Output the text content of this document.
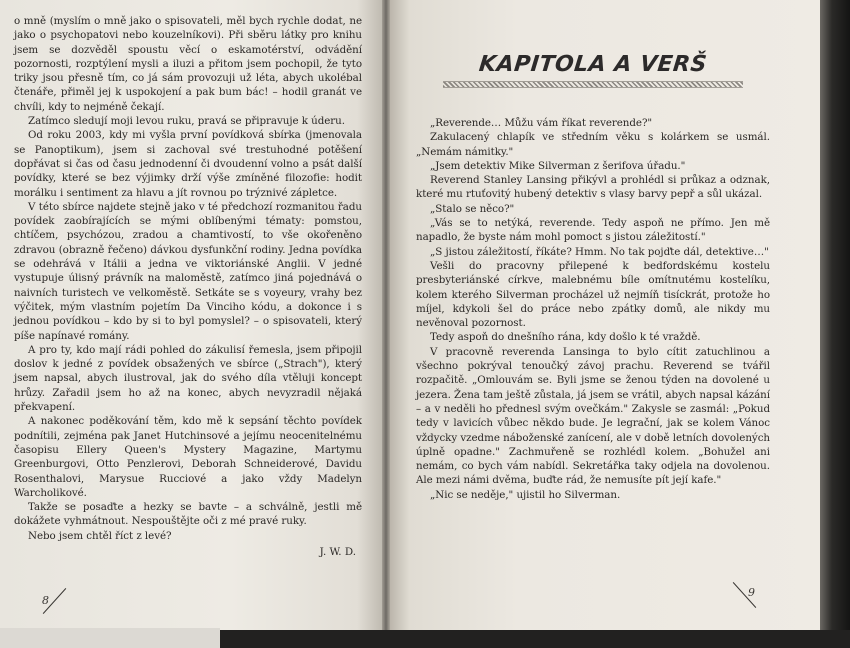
o mně (myslím o mně jako o spisovateli, měl bych rychle dodat, ne jako o psychopatovi nebo kouzelníkovi). Při sběru látky pro knihu jsem se dozvěděl spoustu věcí o eskamotérství, odvádění pozornosti, rozptýlení mysli a iluzi a přitom jsem pochopil, že tyto triky jsou přesně tím, co já sám provozuji už léta, abych ukolébal čtenáře, přiměl jej k uspokojení a pak bum bác! – hodil granát ve chvíli, kdy to nejméně čekají.

Zatímco sledují moji levou ruku, pravá se připravuje k úderu.

Od roku 2003, kdy mi vyšla první povídková sbírka (jmenovala se Panoptikum), jsem si zachoval své trestuhodné potěšení dopřávat si čas od času jednodenní či dvoudenní volno a psát další povídky, které se bez výjimky drží výše zmíněné filozofie: hodit morálku i sentiment za hlavu a jít rovnou po trýznivé zápletce.

V této sbírce najdete stejně jako v té předchozí rozmanitou řadu povídek zaobírajících se mými oblíbenými tématy: pomstou, chtíčem, psychózou, zradou a chamtivostí, to vše okořeněno zdravou (obrazně řečeno) dávkou dysfunkční rodiny. Jedna povídka se odehrává v Itálii a jedna ve viktoriánské Anglii. V jedné vystupuje úlisný právník na maloměstě, zatímco jiná pojednává o naivních turistech ve velkoměstě. Setkáte se s voyeury, vrahy bez výčitek, mým vlastním pojetím Da Vinciho kódu, a dokonce i s jednou povídkou – kdo by si to byl pomyslel? – o spisovateli, který píše napínavé romány.

A pro ty, kdo mají rádi pohled do zákulisí řemesla, jsem připojil doslov k jedné z povídek obsažených ve sbírce („Strach"), který jsem napsal, abych ilustroval, jak do svého díla vtěluji koncept hrůzy. Zařadil jsem ho až na konec, abych nevyzradil nějaká překvapení.

A nakonec poděkování těm, kdo mě k sepsání těchto povídek podnítili, zejména pak Janet Hutchinsové a jejímu neocenitelnému časopisu Ellery Queen's Mystery Magazine, Martymu Greenburgovi, Otto Penzlerovi, Deborah Schneiderové, Davidu Rosenthalovi, Marysue Rucciové a jako vždy Madelyn Warcholikové.

Takže se posaďte a hezky se bavte – a schválně, jestli mě dokážete vyhmátnout. Nespouštějte oči z mé pravé ruky.

Nebo jsem chtěl říct z levé?

J. W. D.
KAPITOLA A VERŠ

„Reverende… Můžu vám říkat reverende?"

Zakulacený chlapík ve středním věku s kolárkem se usmál. „Nemám námitky."

„Jsem detektiv Mike Silverman z šerifova úřadu."

Reverend Stanley Lansing přikývl a prohlédl si průkaz a odznak, které mu rtuťovitý hubený detektiv s vlasy barvy pepř a sůl ukázal.

„Stalo se něco?"

„Vás se to netýká, reverende. Tedy aspoň ne přímo. Jen mě napadlo, že byste nám mohl pomoct s jistou záležitostí."

„S jistou záležitostí, říkáte? Hmm. No tak pojďte dál, detektive…"

Vešli do pracovny přilepené k bedfordskému kostelu presbyteriánské církve, malebnému bíle omítnutému kostelíku, kolem kterého Silverman procházel už nejmíň tisíckrát, protože ho míjel, kdykoli šel do práce nebo zpátky domů, ale nikdy mu nevěnoval pozornost.

Tedy aspoň do dnešního rána, kdy došlo k té vraždě.

V pracovně reverenda Lansinga to bylo cítit zatuchlinou a všechno pokrýval tenoučký závoj prachu. Reverend se tvářil rozpačitě. „Omlouvám se. Byli jsme se ženou týden na dovolené u jezera. Žena tam ještě zůstala, já jsem se vrátil, abych napsal kázání – a v neděli ho přednesl svým ovečkám." Zakysle se zasmál: „Pokud tedy v lavicích vůbec někdo bude. Je legrační, jak se kolem Vánoc vždycky vzedme náboženské zanícení, ale v době letních dovolených úplně opadne." Zachmuřeně se rozhlédl kolem. „Bohužel ani nemám, co bych vám nabídl. Sekretářka taky odjela na dovolenou. Ale mezi námi dvěma, buďte rád, že nemusíte pít její kafe."

„Nic se neděje," ujistil ho Silverman.

8
9
